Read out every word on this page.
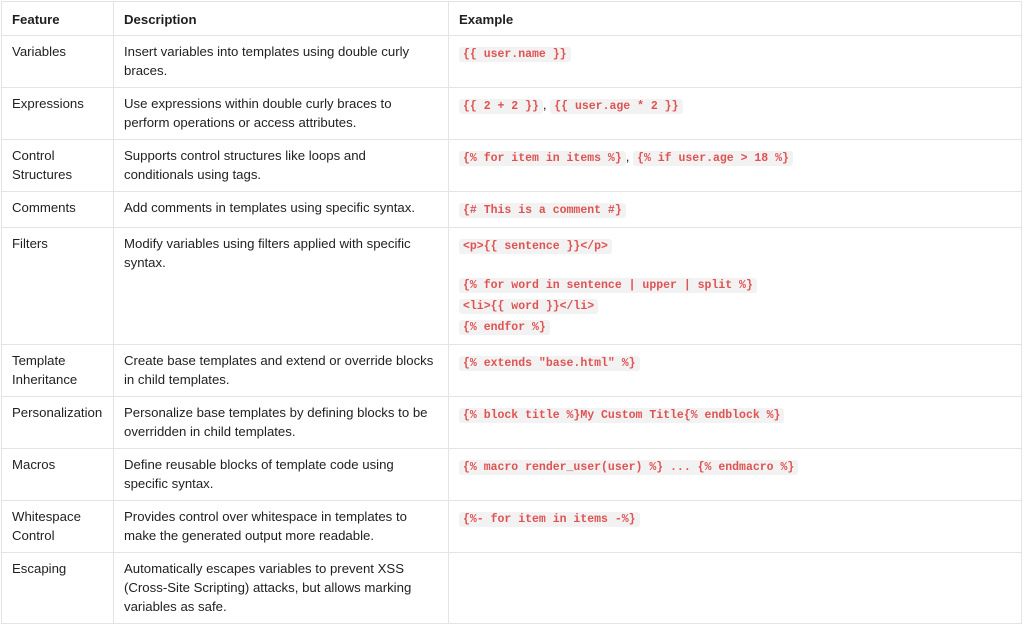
Feature	Description	Example
Variables	Insert variables into templates using double curly braces.	{{ user.name }}
Expressions	Use expressions within double curly braces to perform operations or access attributes.	{{ 2 + 2 }} , {{ user.age * 2 }}
Control Structures	Supports control structures like loops and conditionals using tags.	{% for item in items %} , {% if user.age > 18 %}
Comments	Add comments in templates using specific syntax.	{# This is a comment #}
Filters	Modify variables using filters applied with specific syntax.	<p>{{ sentence }}</p>
{% for word in sentence | upper | split %}
<li>{{ word }}</li>
{% endfor %}

Template Inheritance	Create base templates and extend or override blocks in child templates.	{% extends "base.html" %}
Personalization	Personalize base templates by defining blocks to be overridden in child templates.	{% block title %}My Custom Title{% endblock %}
Macros	Define reusable blocks of template code using specific syntax.	{% macro render_user(user) %} ... {% endmacro %}
Whitespace Control	Provides control over whitespace in templates to make the generated output more readable.	{%- for item in items -%}
Escaping	Automatically escapes variables to prevent XSS (Cross-Site Scripting) attacks, but allows marking variables as safe.	
